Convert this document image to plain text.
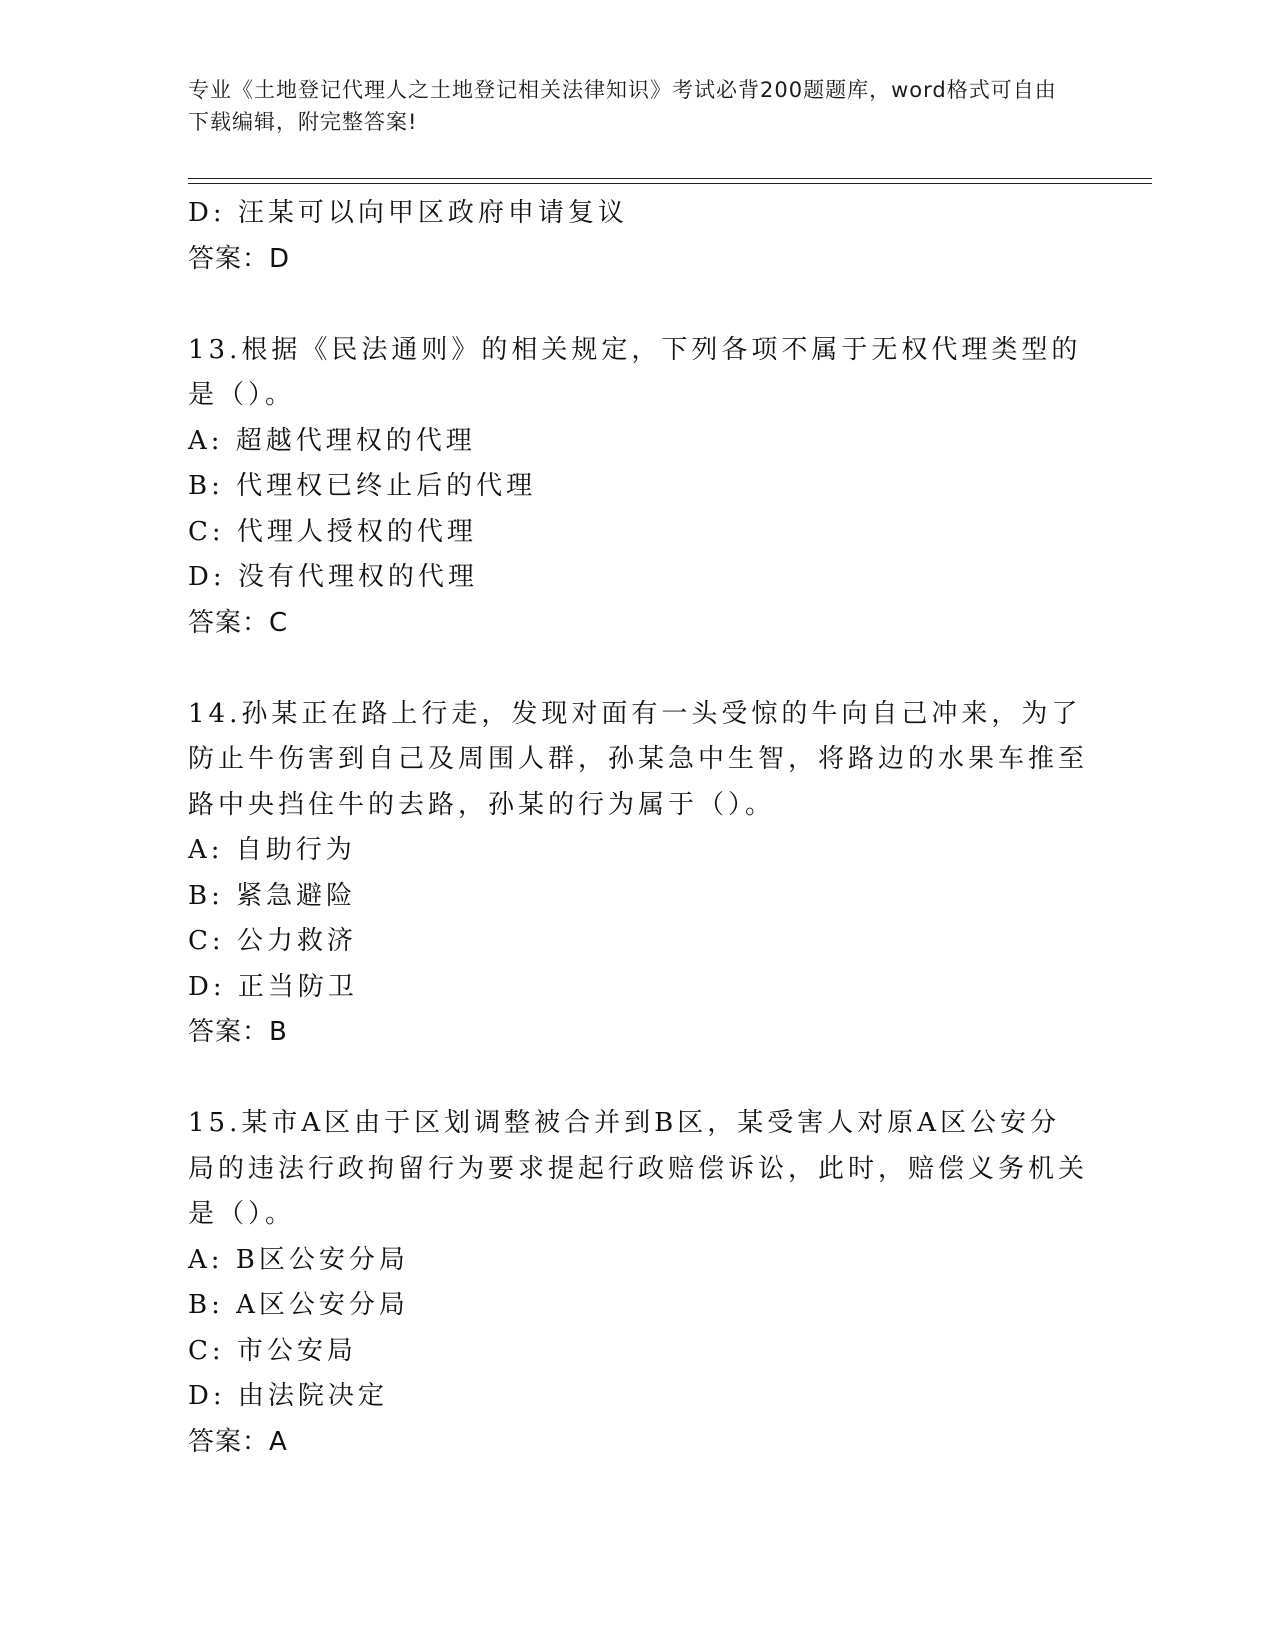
专业《土地登记代理人之土地登记相关法律知识》考试必背200题题库，word格式可自由下载编辑，附完整答案!
D: 汪某可以向甲区政府申请复议
答案：D
13.根据《民法通则》的相关规定，下列各项不属于无权代理类型的是（）。
A: 超越代理权的代理
B: 代理权已终止后的代理
C: 代理人授权的代理
D: 没有代理权的代理
答案：C
14.孙某正在路上行走，发现对面有一头受惊的牛向自己冲来，为了防止牛伤害到自己及周围人群，孙某急中生智，将路边的水果车推至路中央挡住牛的去路，孙某的行为属于（）。
A: 自助行为
B: 紧急避险
C: 公力救济
D: 正当防卫
答案：B
15.某市A区由于区划调整被合并到B区，某受害人对原A区公安分局的违法行政拘留行为要求提起行政赔偿诉讼，此时，赔偿义务机关是（）。
A: B区公安分局
B: A区公安分局
C: 市公安局
D: 由法院决定
答案：A
